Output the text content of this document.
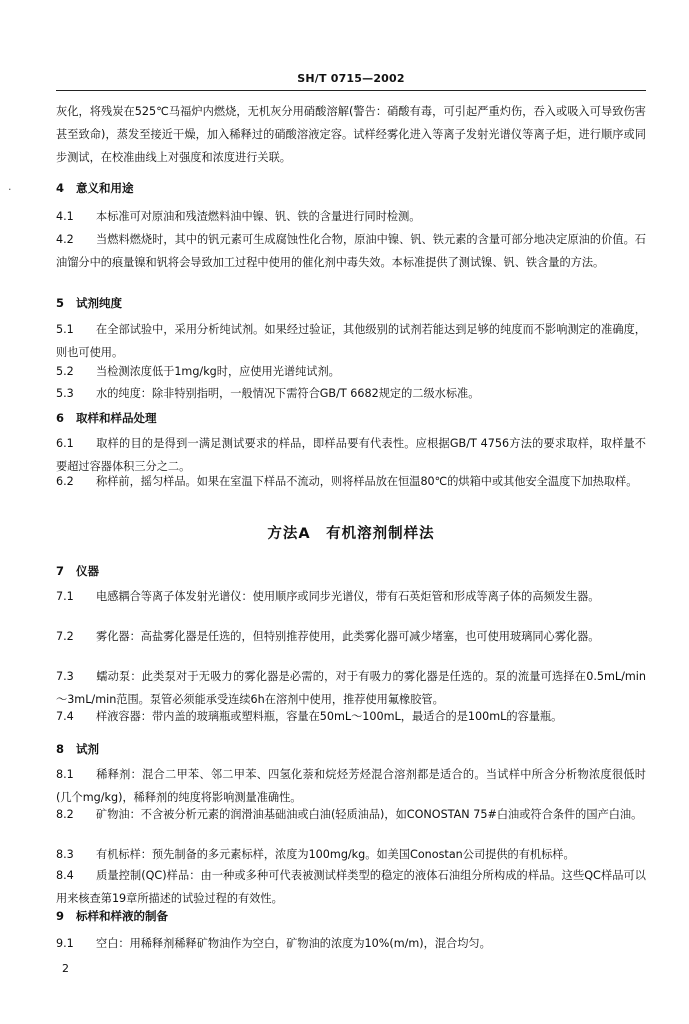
SH/T 0715—2002

灰化，将残炭在525℃马福炉内燃烧，无机灰分用硝酸溶解(警告：硝酸有毒，可引起严重灼伤，吞入或吸入可导致伤害甚至致命)，蒸发至接近干燥，加入稀释过的硝酸溶液定容。试样经雾化进入等离子发射光谱仪等离子炬，进行顺序或同步测试，在校准曲线上对强度和浓度进行关联。

4 意义和用途

4.1 本标准可对原油和残渣燃料油中镍、钒、铁的含量进行同时检测。

4.2 当燃料燃烧时，其中的钒元素可生成腐蚀性化合物，原油中镍、钒、铁元素的含量可部分地决定原油的价值。石油馏分中的痕量镍和钒将会导致加工过程中使用的催化剂中毒失效。本标准提供了测试镍、钒、铁含量的方法。

5 试剂纯度

5.1 在全部试验中，采用分析纯试剂。如果经过验证，其他级别的试剂若能达到足够的纯度而不影响测定的准确度，则也可使用。

5.2 当检测浓度低于1mg/kg时，应使用光谱纯试剂。

5.3 水的纯度：除非特别指明，一般情况下需符合GB/T 6682规定的二级水标准。

6 取样和样品处理

6.1 取样的目的是得到一满足测试要求的样品，即样品要有代表性。应根据GB/T 4756方法的要求取样，取样量不要超过容器体积三分之二。

6.2 称样前，摇匀样品。如果在室温下样品不流动，则将样品放在恒温80℃的烘箱中或其他安全温度下加热取样。

方法A　有机溶剂制样法
7 仪器

7.1 电感耦合等离子体发射光谱仪：使用顺序或同步光谱仪，带有石英炬管和形成等离子体的高频发生器。

7.2 雾化器：高盐雾化器是任选的，但特别推荐使用，此类雾化器可减少堵塞，也可使用玻璃同心雾化器。

7.3 蠕动泵：此类泵对于无吸力的雾化器是必需的，对于有吸力的雾化器是任选的。泵的流量可选择在0.5mL/min～3mL/min范围。泵管必须能承受连续6h在溶剂中使用，推荐使用氟橡胶管。

7.4 样液容器：带内盖的玻璃瓶或塑料瓶，容量在50mL～100mL，最适合的是100mL的容量瓶。

8 试剂

8.1 稀释剂：混合二甲苯、邻二甲苯、四氢化萘和烷烃芳烃混合溶剂都是适合的。当试样中所含分析物浓度很低时(几个mg/kg)，稀释剂的纯度将影响测量准确性。

8.2 矿物油：不含被分析元素的润滑油基础油或白油(轻质油品)，如CONOSTAN 75#白油或符合条件的国产白油。

8.3 有机标样：预先制备的多元素标样，浓度为100mg/kg。如美国Conostan公司提供的有机标样。

8.4 质量控制(QC)样品：由一种或多种可代表被测试样类型的稳定的液体石油组分所构成的样品。这些QC样品可以用来核查第19章所描述的试验过程的有效性。

9 标样和样液的制备

9.1 空白：用稀释剂稀释矿物油作为空白，矿物油的浓度为10%(m/m)，混合均匀。

2
·
